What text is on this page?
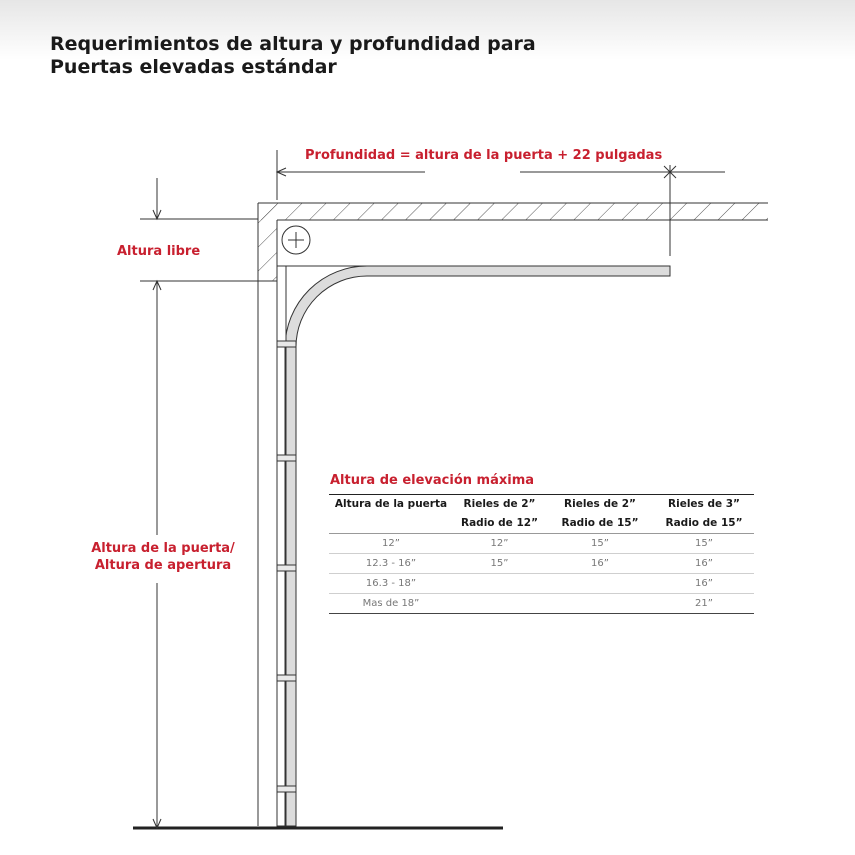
Requerimientos de altura y profundidad para
Puertas elevadas estándar
Profundidad = altura de la puerta + 22 pulgadas
Altura libre
Altura de la puerta/
Altura de apertura
Altura de elevación máxima
Altura de la puerta	Rieles de 2”	Rieles de 2”	Rieles de 3”
	Radio de 12”	Radio de 15”	Radio de 15”
12”	12”	15”	15”
12.3 - 16”	15”	16”	16”
16.3 - 18”			16”
Mas de 18”			21”
